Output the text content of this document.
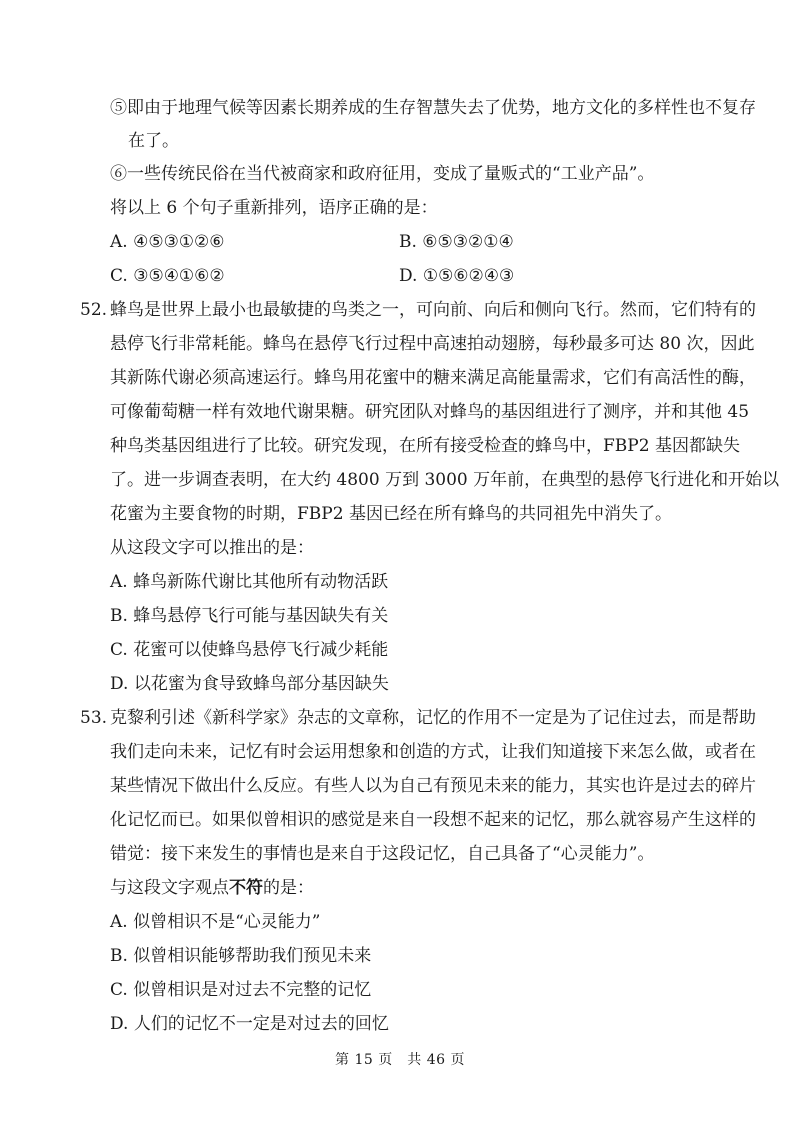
⑤即由于地理气候等因素长期养成的生存智慧失去了优势，地方文化的多样性也不复存
在了。
⑥一些传统民俗在当代被商家和政府征用，变成了量贩式的“工业产品”。
将以上 6 个句子重新排列，语序正确的是：
A. ④⑤③①②⑥	B. ⑥⑤③②①④
C. ③⑤④①⑥②	D. ①⑤⑥②④③
52. 蜂鸟是世界上最小也最敏捷的鸟类之一，可向前、向后和侧向飞行。然而，它们特有的
悬停飞行非常耗能。蜂鸟在悬停飞行过程中高速拍动翅膀，每秒最多可达 80 次，因此
其新陈代谢必须高速运行。蜂鸟用花蜜中的糖来满足高能量需求，它们有高活性的酶，
可像葡萄糖一样有效地代谢果糖。研究团队对蜂鸟的基因组进行了测序，并和其他 45
种鸟类基因组进行了比较。研究发现，在所有接受检查的蜂鸟中，FBP2 基因都缺失
了。进一步调查表明，在大约 4800 万到 3000 万年前，在典型的悬停飞行进化和开始以
花蜜为主要食物的时期，FBP2 基因已经在所有蜂鸟的共同祖先中消失了。
从这段文字可以推出的是：
A. 蜂鸟新陈代谢比其他所有动物活跃
B. 蜂鸟悬停飞行可能与基因缺失有关
C. 花蜜可以使蜂鸟悬停飞行减少耗能
D. 以花蜜为食导致蜂鸟部分基因缺失
53. 克黎利引述《新科学家》杂志的文章称，记忆的作用不一定是为了记住过去，而是帮助
我们走向未来，记忆有时会运用想象和创造的方式，让我们知道接下来怎么做，或者在
某些情况下做出什么反应。有些人以为自己有预见未来的能力，其实也许是过去的碎片
化记忆而已。如果似曾相识的感觉是来自一段想不起来的记忆，那么就容易产生这样的
错觉：接下来发生的事情也是来自于这段记忆，自己具备了“心灵能力”。
与这段文字观点不符的是：
A. 似曾相识不是“心灵能力”
B. 似曾相识能够帮助我们预见未来
C. 似曾相识是对过去不完整的记忆
D. 人们的记忆不一定是对过去的回忆
第 15 页　共 46 页
